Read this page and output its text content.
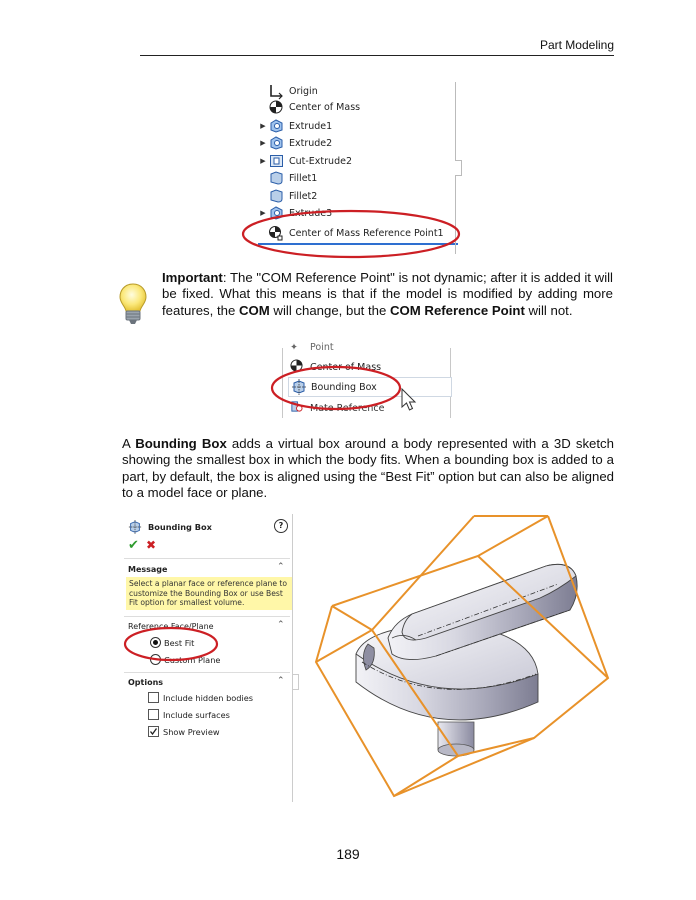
Part Modeling
Origin
Center of Mass
▶ Extrude1
▶ Extrude2
▶ Cut-Extrude2
Fillet1
Fillet2
▶ Extrude3
Center of Mass Reference Point1
Important: The "COM Reference Point" is not dynamic; after it is added it will be fixed. What this means is that if the model is modified by adding more features, the COM will change, but the COM Reference Point will not.
✦	Point
Center of Mass
Bounding Box
Mate Reference
A Bounding Box adds a virtual box around a body represented with a 3D sketch showing the smallest box in which the body fits. When a bounding box is added to a part, by default, the box is aligned using the “Best Fit” option but can also be aligned to a model face or plane.
Bounding Box	?
✔ ✖
Message	⌃
Select a planar face or reference plane to customize the Bounding Box or use Best Fit option for smallest volume.
Reference Face/Plane	⌃
Best Fit
Custom Plane
Options	⌃
Include hidden bodies
Include surfaces
Show Preview
189
